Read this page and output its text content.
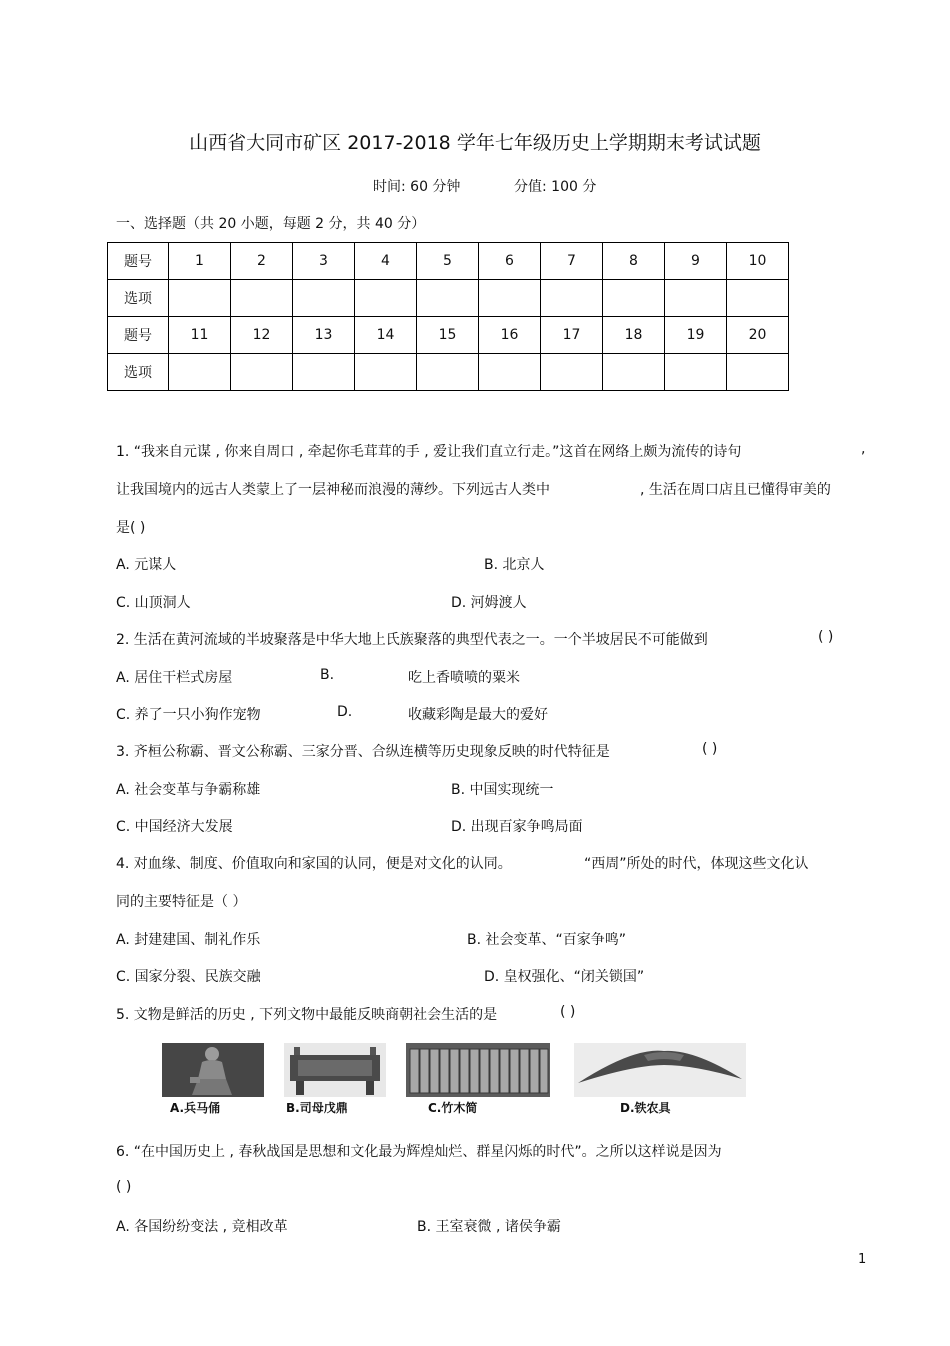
山西省大同市矿区 2017-2018 学年七年级历史上学期期末考试试题
时间: 60 分钟	分值: 100 分
一、选择题（共 20 小题，每题 2 分，共 40 分）
题号	1	2	3	4	5	6	7	8	9	10
选项										
题号	11	12	13	14	15	16	17	18	19	20
选项										
1. “我来自元谋 , 你来自周口 , 牵起你毛茸茸的手 , 爱让我们直立行走。”这首在网络上颇为流传的诗句	,
让我国境内的远古人类蒙上了一层神秘而浪漫的薄纱。下列远古人类中	, 生活在周口店且已懂得审美的
是( )
A. 元谋人	B. 北京人
C. 山顶洞人	D. 河姆渡人
2. 生活在黄河流域的半坡聚落是中华大地上氏族聚落的典型代表之一。一个半坡居民不可能做到	( )
A. 居住干栏式房屋	B.	吃上香喷喷的粟米
C. 养了一只小狗作宠物	D.	收藏彩陶是最大的爱好
3. 齐桓公称霸、晋文公称霸、三家分晋、合纵连横等历史现象反映的时代特征是	( )
A. 社会变革与争霸称雄	B. 中国实现统一
C. 中国经济大发展	D. 出现百家争鸣局面
4. 对血缘、制度、价值取向和家国的认同，便是对文化的认同。	“西周”所处的时代，体现这些文化认
同的主要特征是（ ）
A. 封建建国、制礼作乐	B. 社会变革、“百家争鸣”
C. 国家分裂、民族交融	D. 皇权强化、“闭关锁国”
5. 文物是鲜活的历史 , 下列文物中最能反映商朝社会生活的是	( )
A.兵马俑	B.司母戊鼎	C.竹木简	D.铁农具
6. “在中国历史上 , 春秋战国是思想和文化最为辉煌灿烂、群星闪烁的时代”。之所以这样说是因为
( )
A. 各国纷纷变法 , 竞相改革	B. 王室衰微 , 诸侯争霸
1
